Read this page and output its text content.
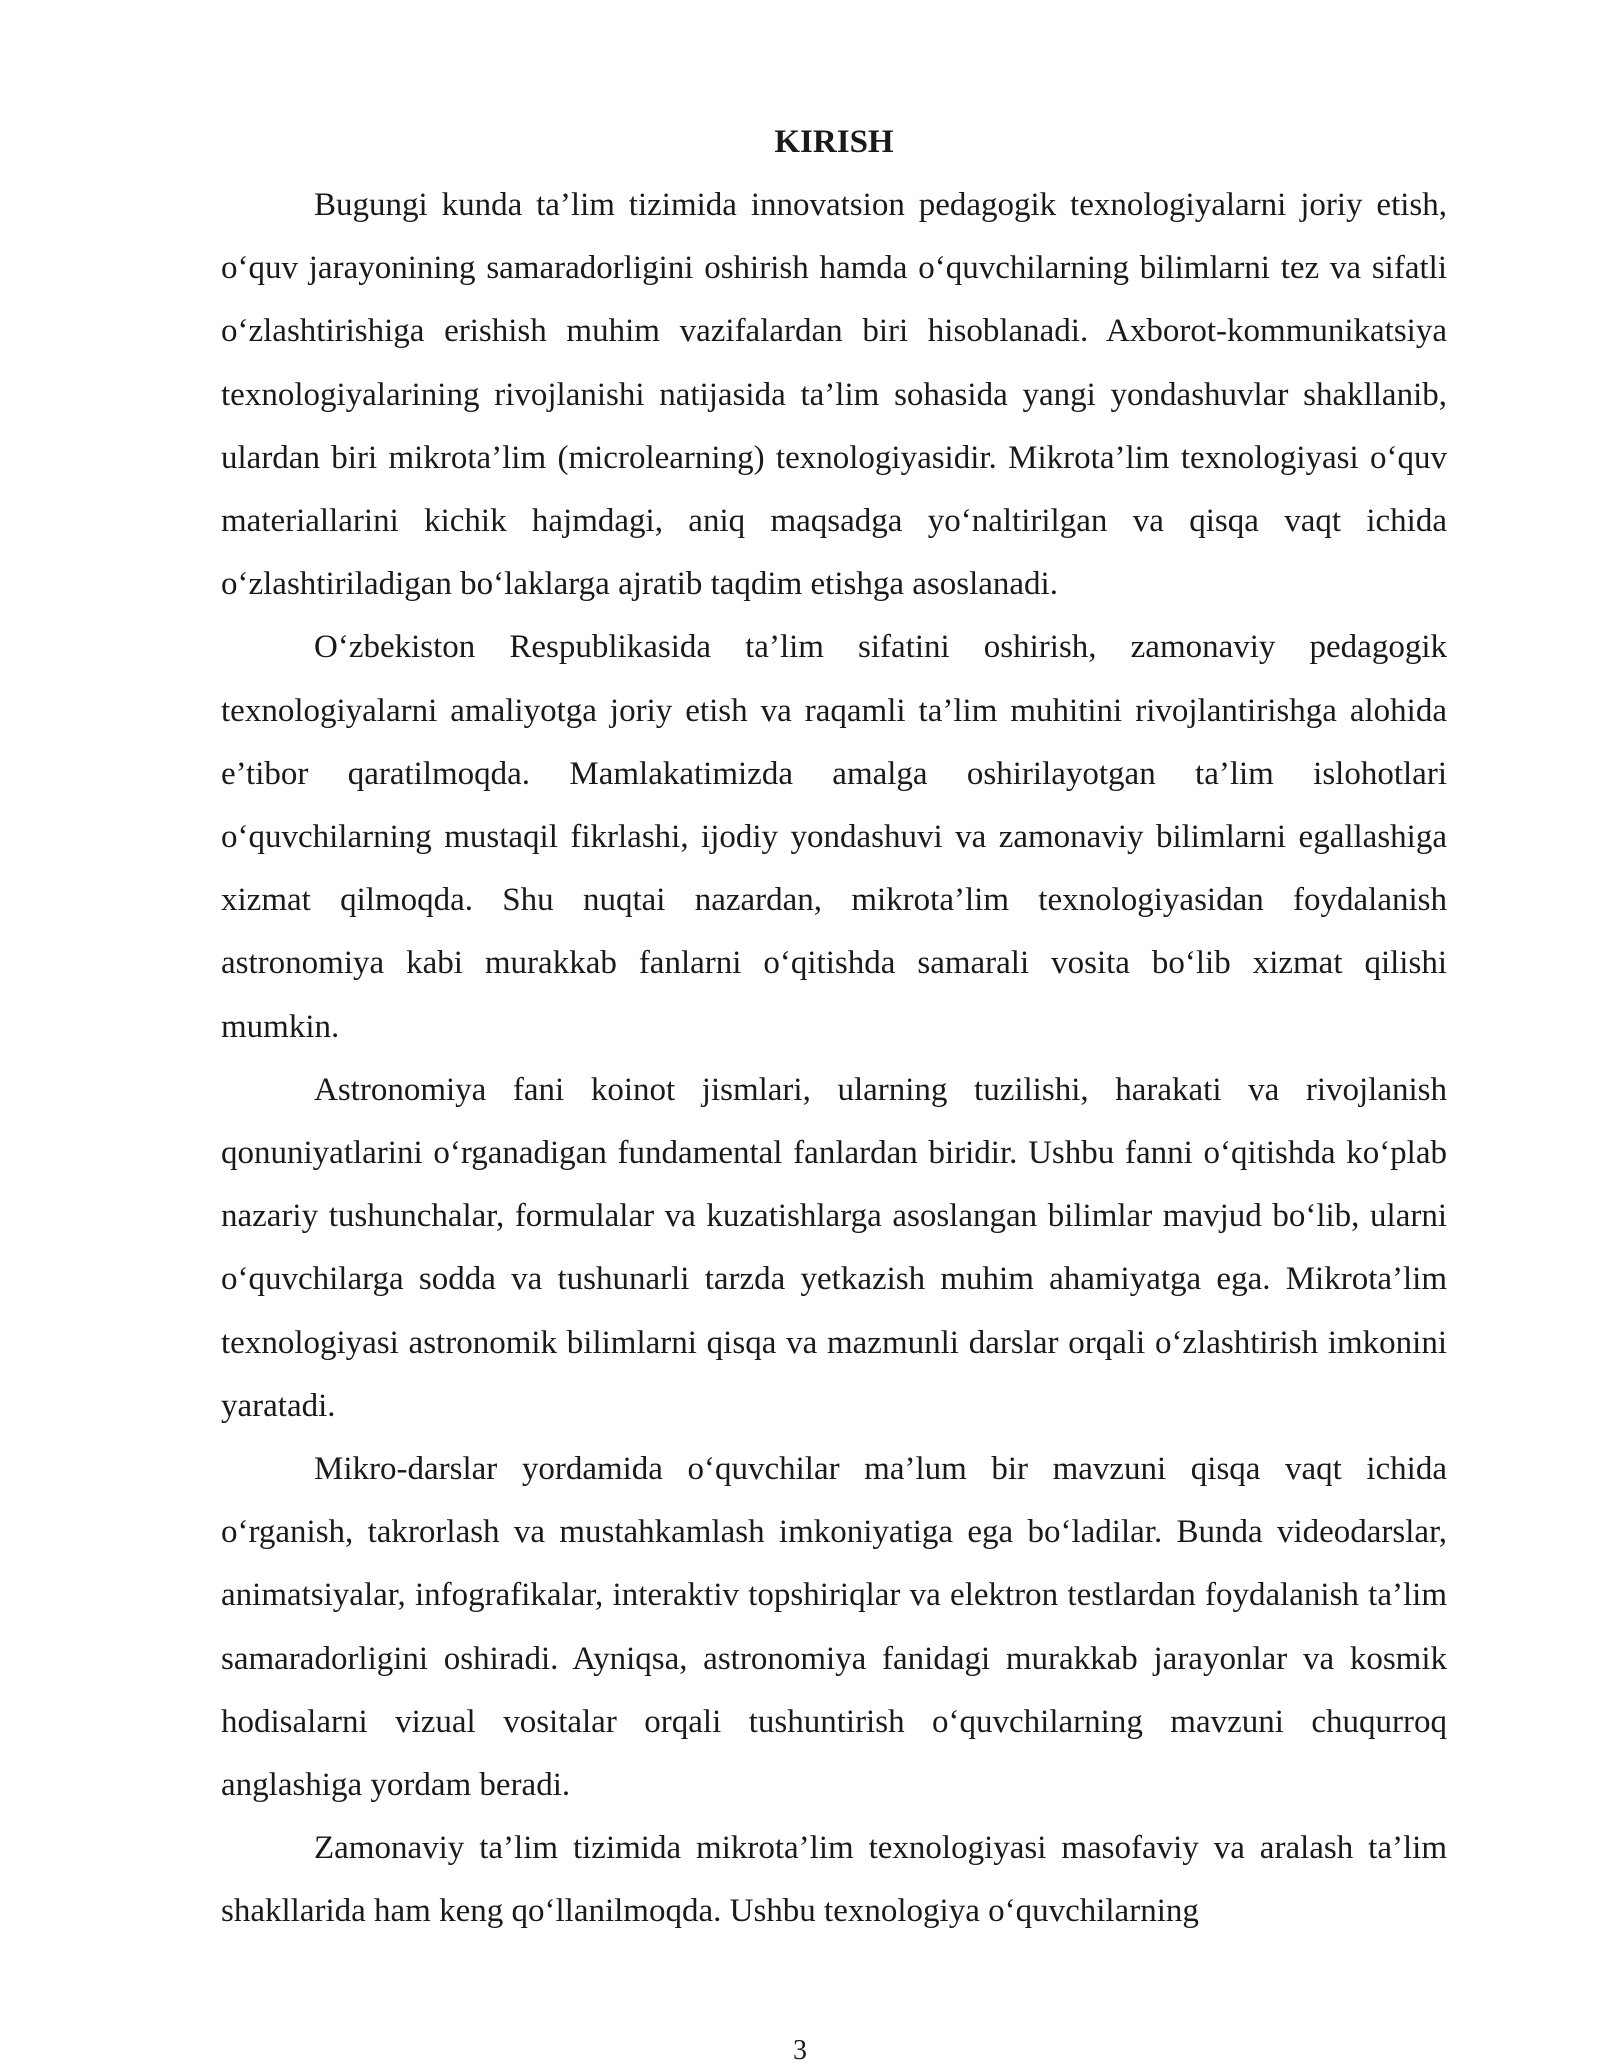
KIRISH

Bugungi kunda ta’lim tizimida innovatsion pedagogik texnologiyalarni joriy etish, o‘quv jarayonining samaradorligini oshirish hamda o‘quvchilarning bilimlarni tez va sifatli o‘zlashtirishiga erishish muhim vazifalardan biri hisoblanadi. Axborot-kommunikatsiya texnologiyalarining rivojlanishi natijasida ta’lim sohasida yangi yondashuvlar shakllanib, ulardan biri mikrota’lim (microlearning) texnologiyasidir. Mikrota’lim texnologiyasi o‘quv materiallarini kichik hajmdagi, aniq maqsadga yo‘naltirilgan va qisqa vaqt ichida o‘zlashtiriladigan bo‘laklarga ajratib taqdim etishga asoslanadi.

O‘zbekiston Respublikasida ta’lim sifatini oshirish, zamonaviy pedagogik texnologiyalarni amaliyotga joriy etish va raqamli ta’lim muhitini rivojlantirishga alohida e’tibor qaratilmoqda. Mamlakatimizda amalga oshirilayotgan ta’lim islohotlari o‘quvchilarning mustaqil fikrlashi, ijodiy yondashuvi va zamonaviy bilimlarni egallashiga xizmat qilmoqda. Shu nuqtai nazardan, mikrota’lim texnologiyasidan foydalanish astronomiya kabi murakkab fanlarni o‘qitishda samarali vosita bo‘lib xizmat qilishi mumkin.

Astronomiya fani koinot jismlari, ularning tuzilishi, harakati va rivojlanish qonuniyatlarini o‘rganadigan fundamental fanlardan biridir. Ushbu fanni o‘qitishda ko‘plab nazariy tushunchalar, formulalar va kuzatishlarga asoslangan bilimlar mavjud bo‘lib, ularni o‘quvchilarga sodda va tushunarli tarzda yetkazish muhim ahamiyatga ega. Mikrota’lim texnologiyasi astronomik bilimlarni qisqa va mazmunli darslar orqali o‘zlashtirish imkonini yaratadi.

Mikro-darslar yordamida o‘quvchilar ma’lum bir mavzuni qisqa vaqt ichida o‘rganish, takrorlash va mustahkamlash imkoniyatiga ega bo‘ladilar. Bunda videodarslar, animatsiyalar, infografikalar, interaktiv topshiriqlar va elektron testlardan foydalanish ta’lim samaradorligini oshiradi. Ayniqsa, astronomiya fanidagi murakkab jarayonlar va kosmik hodisalarni vizual vositalar orqali tushuntirish o‘quvchilarning mavzuni chuqurroq anglashiga yordam beradi.

Zamonaviy ta’lim tizimida mikrota’lim texnologiyasi masofaviy va aralash ta’lim shakllarida ham keng qo‘llanilmoqda. Ushbu texnologiya o‘quvchilarning

3
